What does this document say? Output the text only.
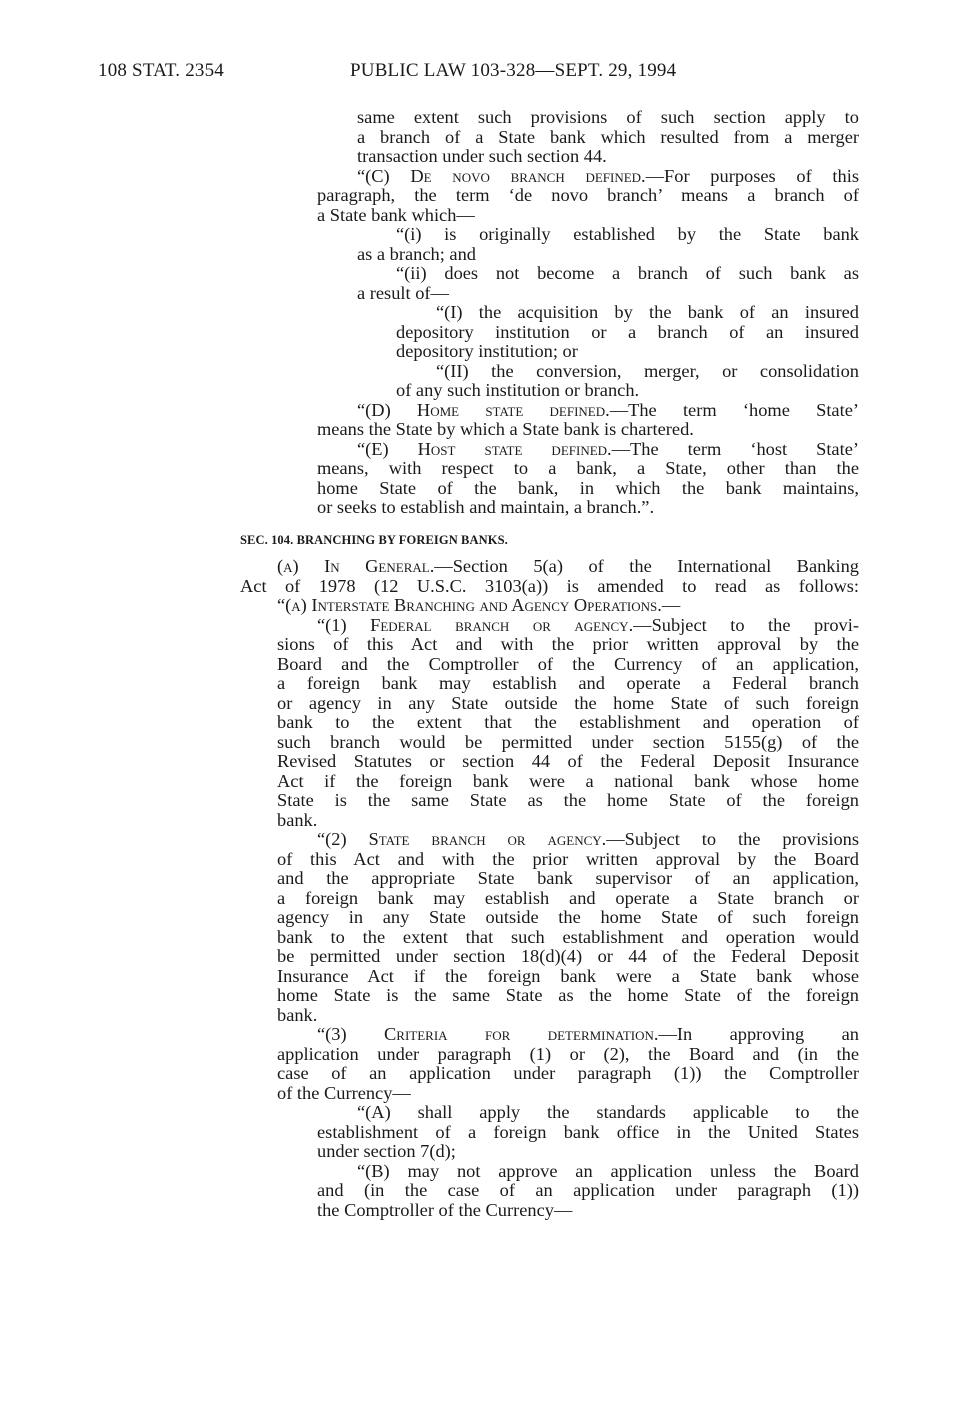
108 STAT. 2354	PUBLIC LAW 103-328—SEPT. 29, 1994
same extent such provisions of such section apply to
a branch of a State bank which resulted from a merger
transaction under such section 44.
“(C) De novo branch defined.—For purposes of this
paragraph, the term ‘de novo branch’ means a branch of
a State bank which—
“(i) is originally established by the State bank
as a branch; and
“(ii) does not become a branch of such bank as
a result of—
“(I) the acquisition by the bank of an insured
depository institution or a branch of an insured
depository institution; or
“(II) the conversion, merger, or consolidation
of any such institution or branch.
“(D) Home state defined.—The term ‘home State’
means the State by which a State bank is chartered.
“(E) Host state defined.—The term ‘host State’
means, with respect to a bank, a State, other than the
home State of the bank, in which the bank maintains,
or seeks to establish and maintain, a branch.”.
SEC. 104. BRANCHING BY FOREIGN BANKS.
(a) In General.—Section 5(a) of the International Banking
Act of 1978 (12 U.S.C. 3103(a)) is amended to read as follows:
“(a) Interstate Branching and Agency Operations.—
“(1) Federal branch or agency.—Subject to the provi-
sions of this Act and with the prior written approval by the
Board and the Comptroller of the Currency of an application,
a foreign bank may establish and operate a Federal branch
or agency in any State outside the home State of such foreign
bank to the extent that the establishment and operation of
such branch would be permitted under section 5155(g) of the
Revised Statutes or section 44 of the Federal Deposit Insurance
Act if the foreign bank were a national bank whose home
State is the same State as the home State of the foreign
bank.
“(2) State branch or agency.—Subject to the provisions
of this Act and with the prior written approval by the Board
and the appropriate State bank supervisor of an application,
a foreign bank may establish and operate a State branch or
agency in any State outside the home State of such foreign
bank to the extent that such establishment and operation would
be permitted under section 18(d)(4) or 44 of the Federal Deposit
Insurance Act if the foreign bank were a State bank whose
home State is the same State as the home State of the foreign
bank.
“(3) Criteria for determination.—In approving an
application under paragraph (1) or (2), the Board and (in the
case of an application under paragraph (1)) the Comptroller
of the Currency—
“(A) shall apply the standards applicable to the
establishment of a foreign bank office in the United States
under section 7(d);
“(B) may not approve an application unless the Board
and (in the case of an application under paragraph (1))
the Comptroller of the Currency—
